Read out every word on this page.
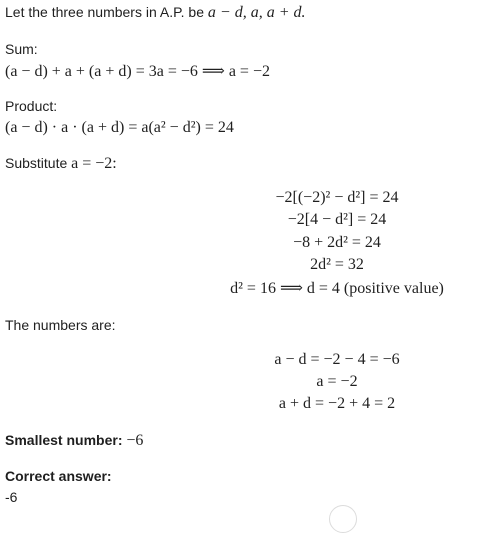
Let the three numbers in A.P. be a − d, a, a + d.
Sum:
(a − d) + a + (a + d) = 3a = −6 ⟹ a = −2
Product:
(a − d) · a · (a + d) = a(a² − d²) = 24
Substitute a = −2:
−2[(−2)² − d²] = 24
−2[4 − d²] = 24
−8 + 2d² = 24
2d² = 32
d² = 16 ⟹ d = 4 (positive value)
The numbers are:
a − d = −2 − 4 = −6
a = −2
a + d = −2 + 4 = 2
Smallest number: −6
Correct answer:
-6
